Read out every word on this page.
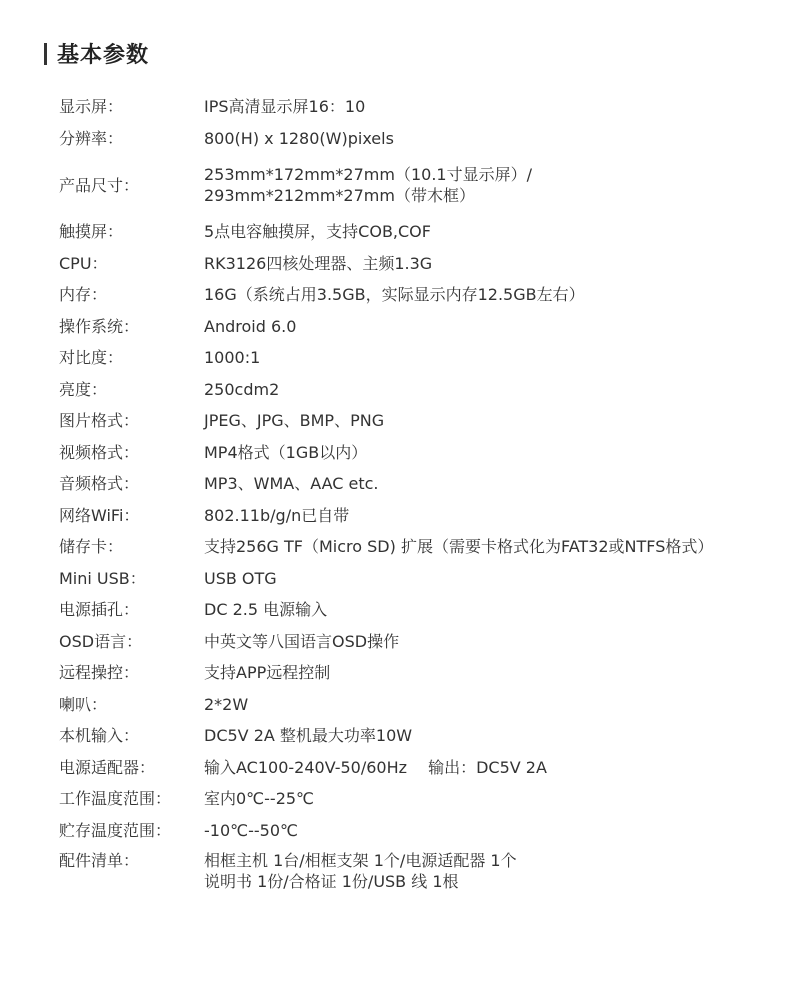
基本参数
显示屏：	IPS高清显示屏16：10
分辨率：	800(H) x 1280(W)pixels
产品尺寸：
253mm*172mm*27mm（10.1寸显示屏）/
293mm*212mm*27mm（带木框）
触摸屏：	5点电容触摸屏，支持COB,COF
CPU：	RK3126四核处理器、主频1.3G
内存：	16G（系统占用3.5GB，实际显示内存12.5GB左右）
操作系统：	Android 6.0
对比度：	1000:1
亮度：	250cdm2
图片格式：	JPEG、JPG、BMP、PNG
视频格式：	MP4格式（1GB以内）
音频格式：	MP3、WMA、AAC etc.
网络WiFi：	802.11b/g/n已自带
储存卡：	支持256G TF（Micro SD) 扩展（需要卡格式化为FAT32或NTFS格式）
Mini USB：	USB OTG
电源插孔：	DC 2.5 电源输入
OSD语言：	中英文等八国语言OSD操作
远程操控：	支持APP远程控制
喇叭：	2*2W
本机输入：	DC5V 2A 整机最大功率10W
电源适配器：	输入AC100-240V-50/60Hz　 输出：DC5V 2A
工作温度范围：	室内0℃--25℃
贮存温度范围：	-10℃--50℃
配件清单：	相框主机 1台/相框支架 1个/电源适配器 1个
说明书 1份/合格证 1份/USB 线 1根
